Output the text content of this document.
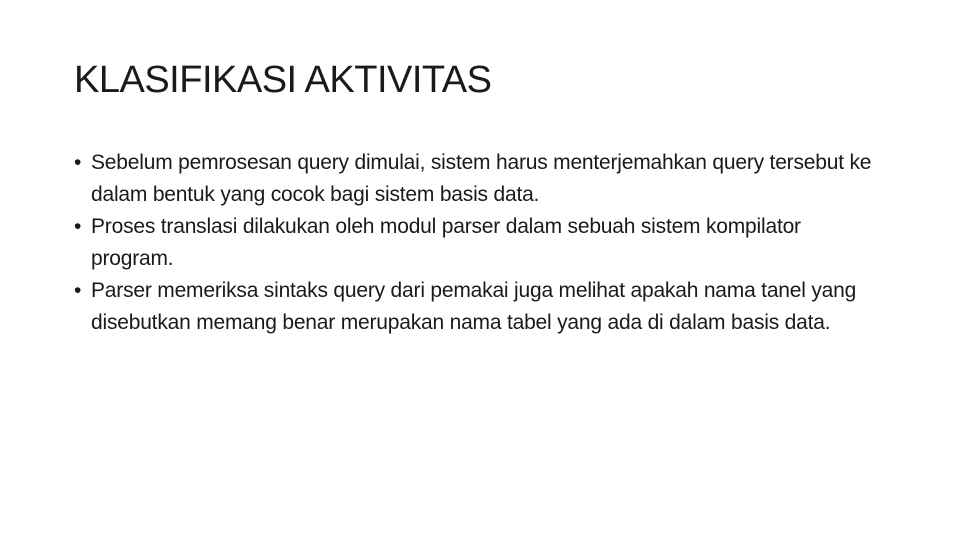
KLASIFIKASI AKTIVITAS
• Sebelum pemrosesan query dimulai, sistem harus menterjemahkan query tersebut ke dalam bentuk yang cocok bagi sistem basis data.
• Proses translasi dilakukan oleh modul parser dalam sebuah sistem kompilator program.
• Parser memeriksa sintaks query dari pemakai juga melihat apakah nama tanel yang disebutkan memang benar merupakan nama tabel yang ada di dalam basis data.
